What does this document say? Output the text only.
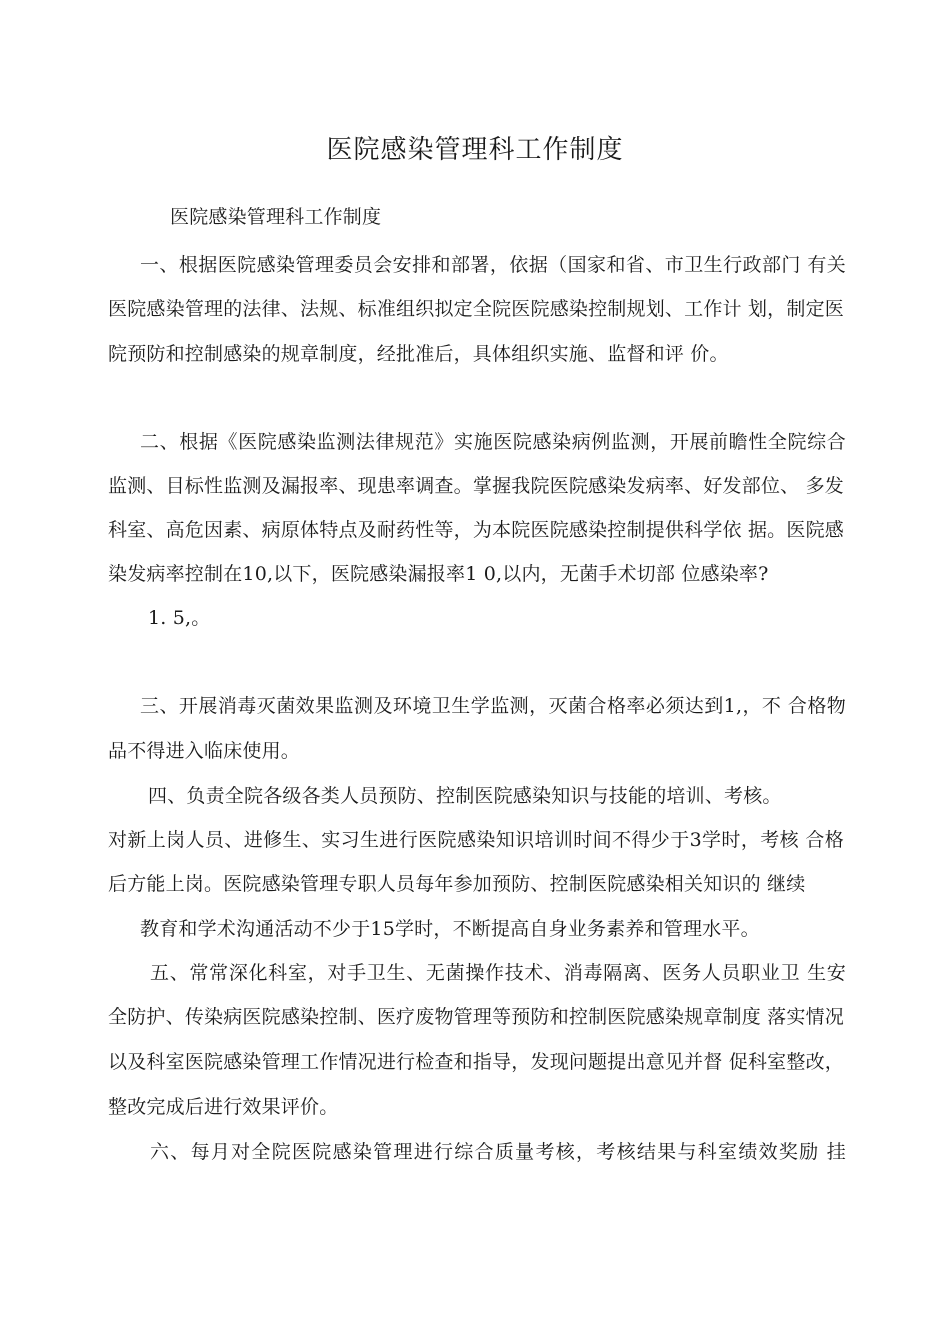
医院感染管理科工作制度
医院感染管理科工作制度
一、根据医院感染管理委员会安排和部署，依据（国家和省、市卫生行政部门 有关
医院感染管理的法律、法规、标准组织拟定全院医院感染控制规划、工作计 划，制定医
院预防和控制感染的规章制度，经批准后，具体组织实施、监督和评 价。
二、根据《医院感染监测法律规范》实施医院感染病例监测，开展前瞻性全院综合
监测、目标性监测及漏报率、现患率调查。掌握我院医院感染发病率、好发部位、 多发
科室、高危因素、病原体特点及耐药性等，为本院医院感染控制提供科学依 据。医院感
染发病率控制在10,以下，医院感染漏报率1 0,以内，无菌手术切部 位感染率?
1. 5,。
三、开展消毒灭菌效果监测及环境卫生学监测，灭菌合格率必须达到1,，不 合格物
品不得进入临床使用。
四、负责全院各级各类人员预防、控制医院感染知识与技能的培训、考核。
对新上岗人员、进修生、实习生进行医院感染知识培训时间不得少于3学时，考核 合格
后方能上岗。医院感染管理专职人员每年参加预防、控制医院感染相关知识的 继续
教育和学术沟通活动不少于15学时，不断提高自身业务素养和管理水平。
五、常常深化科室，对手卫生、无菌操作技术、消毒隔离、医务人员职业卫 生安
全防护、传染病医院感染控制、医疗废物管理等预防和控制医院感染规章制度 落实情况
以及科室医院感染管理工作情况进行检查和指导，发现问题提出意见并督 促科室整改，
整改完成后进行效果评价。
六、每月对全院医院感染管理进行综合质量考核，考核结果与科室绩效奖励 挂
